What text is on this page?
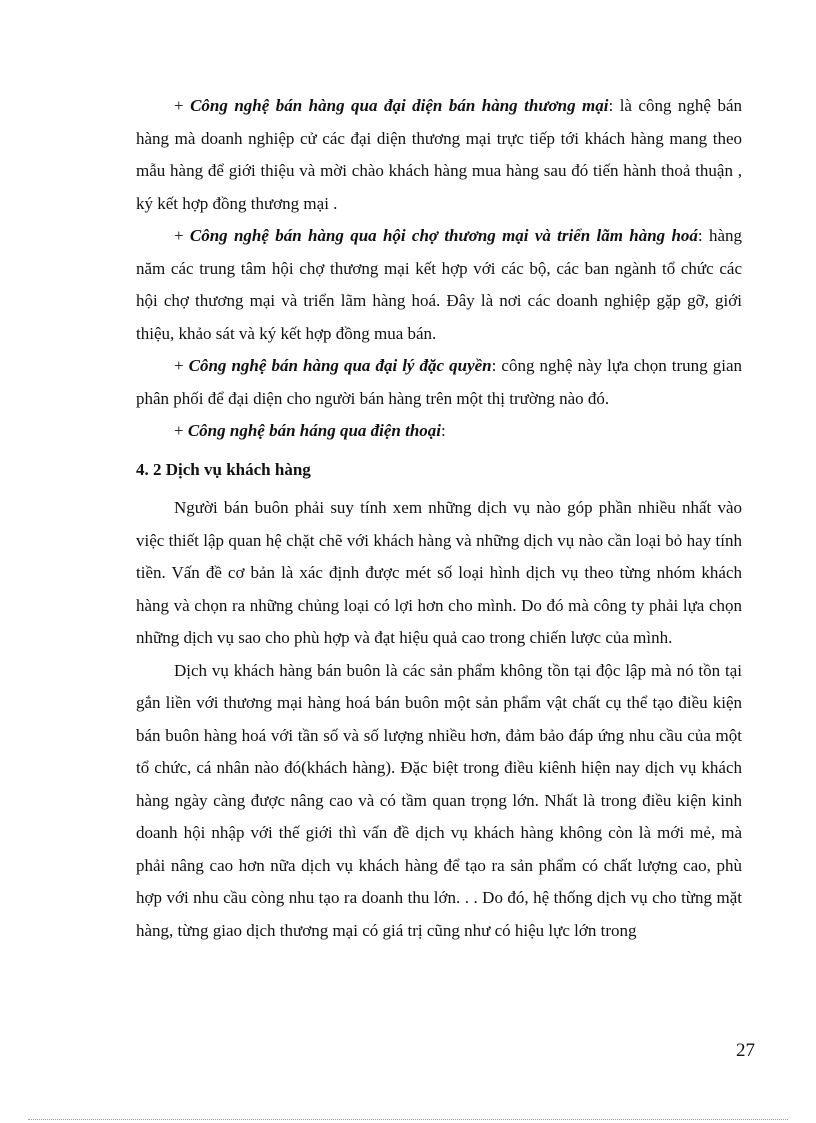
+ Công nghệ bán hàng qua đại diện bán hàng thương mại: là công nghệ bán hàng mà doanh nghiệp cử các đại diện thương mại trực tiếp tới khách hàng mang theo mẫu hàng để giới thiệu và mời chào khách hàng mua hàng sau đó tiến hành thoả thuận , ký kết hợp đồng thương mại .

+ Công nghệ bán hàng qua hội chợ thương mại và triển lãm hàng hoá: hàng năm các trung tâm hội chợ thương mại kết hợp với các bộ, các ban ngành tổ chức các hội chợ thương mại và triển lãm hàng hoá. Đây là nơi các doanh nghiệp gặp gỡ, giới thiệu, khảo sát và ký kết hợp đồng mua bán.

+ Công nghệ bán hàng qua đại lý đặc quyền: công nghệ này lựa chọn trung gian phân phối để đại diện cho người bán hàng trên một thị trường nào đó.

+ Công nghệ bán háng qua điện thoại:

4. 2 Dịch vụ khách hàng

Người bán buôn phải suy tính xem những dịch vụ nào góp phần nhiều nhất vào việc thiết lập quan hệ chặt chẽ với khách hàng và những dịch vụ nào cần loại bỏ hay tính tiền. Vấn đề cơ bản là xác định được mét số loại hình dịch vụ theo từng nhóm khách hàng và chọn ra những chủng loại có lợi hơn cho mình. Do đó mà công ty phải lựa chọn những dịch vụ sao cho phù hợp và đạt hiệu quả cao trong chiến lược của mình.

Dịch vụ khách hàng bán buôn là các sản phẩm không tồn tại độc lập mà nó tồn tại gắn liền với thương mại hàng hoá bán buôn một sản phẩm vật chất cụ thể tạo điều kiện bán buôn hàng hoá với tần số và số lượng nhiều hơn, đảm bảo đáp ứng nhu cầu của một tổ chức, cá nhân nào đó(khách hàng). Đặc biệt trong điều kiênh hiện nay dịch vụ khách hàng ngày càng được nâng cao và có tầm quan trọng lớn. Nhất là trong điều kiện kinh doanh hội nhập với thế giới thì vấn đề dịch vụ khách hàng không còn là mới mẻ, mà phải nâng cao hơn nữa dịch vụ khách hàng để tạo ra sản phẩm có chất lượng cao, phù hợp với nhu cầu còng nhu tạo ra doanh thu lớn. . . Do đó, hệ thống dịch vụ cho từng mặt hàng, từng giao dịch thương mại có giá trị cũng như có hiệu lực lớn trong

27
